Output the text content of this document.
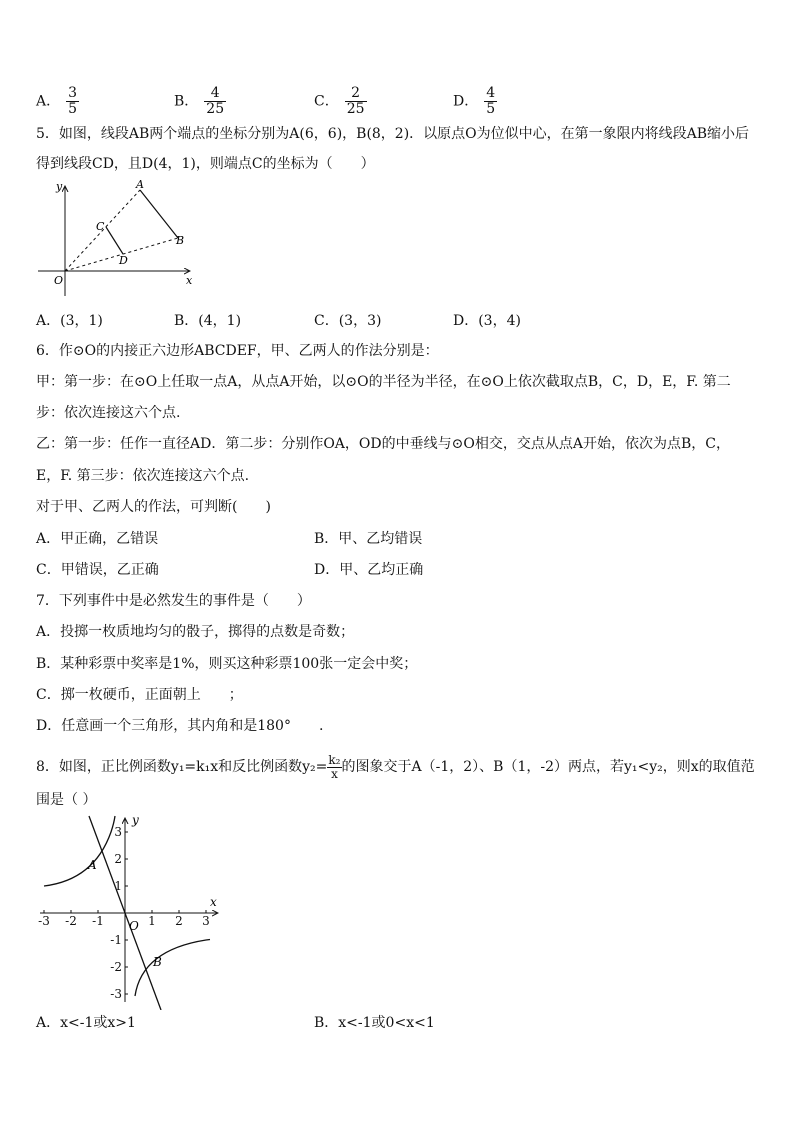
A． $\frac{3}{5}$	B． $\frac{4}{25}$	C． $\frac{2}{25}$	D． $\frac{4}{5}$
5．如图，线段AB两个端点的坐标分别为A(6，6)，B(8，2)．以原点O为位似中心，在第一象限内将线段AB缩小后
得到线段CD，且D(4，1)，则端点C的坐标为（　　）
y
x
A
B
C
D
O
A．(3，1)	B．(4，1)	C．(3，3)	D．(3，4)
6．作⊙O的内接正六边形ABCDEF，甲、乙两人的作法分别是：
甲：第一步：在⊙O上任取一点A，从点A开始，以⊙O的半径为半径，在⊙O上依次截取点B，C，D，E，F. 第二
步：依次连接这六个点.
乙：第一步：任作一直径AD．第二步：分别作OA，OD的中垂线与⊙O相交，交点从点A开始，依次为点B，C，
E，F. 第三步：依次连接这六个点.
对于甲、乙两人的作法，可判断(　　)
A．甲正确，乙错误	B．甲、乙均错误
C．甲错误，乙正确	D．甲、乙均正确
7．下列事件中是必然发生的事件是（　　）
A．投掷一枚质地均匀的骰子，掷得的点数是奇数；
B．某种彩票中奖率是1%，则买这种彩票100张一定会中奖；
C．掷一枚硬币，正面朝上　　；
D．任意画一个三角形，其内角和是180°　　.
8．如图，正比例函数y₁=k₁x和反比例函数$y_2= \frac{\text{k₂}}{x}$ 的图象交于A（-1，2）、B（1，-2）两点，若y₁<y₂，则x的取值范
围是（ ）
y
x
O
A
B
-3 -2 -1	1 2 3
3
2
1
-1
-2
-3
A．x<-1或x>1	B．x<-1或0<x<1
